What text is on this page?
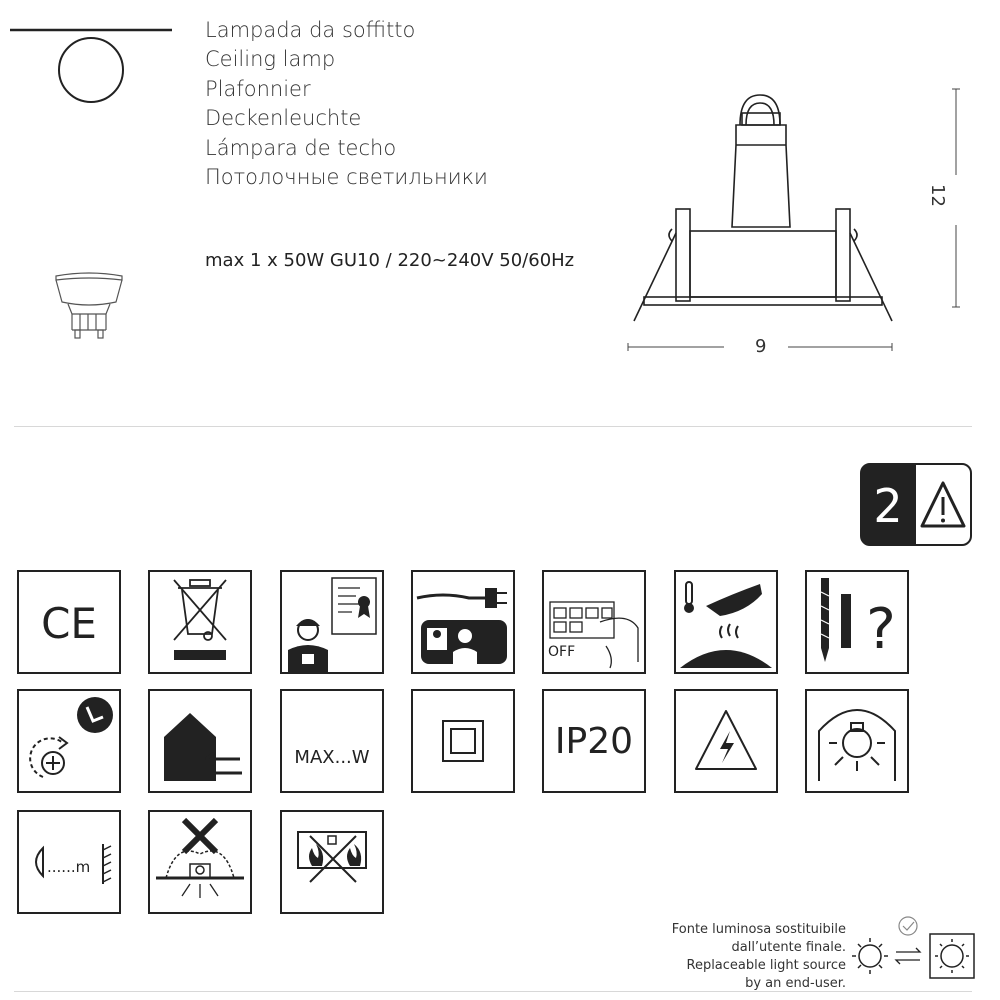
Lampada da soffitto
Ceiling lamp
Plafonnier
Deckenleuchte
Lámpara de techo
Потолочные светильники
max 1 x 50W GU10 / 220~240V 50/60Hz
12
9
2
CE
OFF	?
MAX...W	IP20
......m
Fonte luminosa sostituibile
dall’utente finale.
Replaceable light source
by an end-user.
